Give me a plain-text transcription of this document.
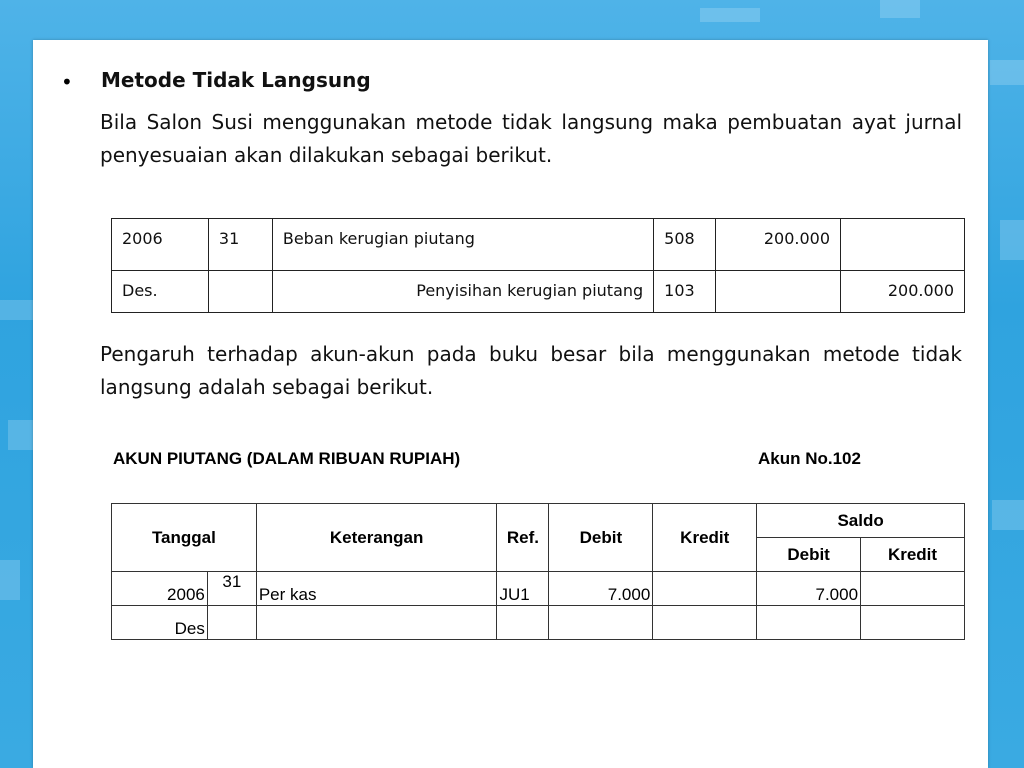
• Metode Tidak Langsung
Bila Salon Susi menggunakan metode tidak langsung maka pembuatan ayat jurnal penyesuaian akan dilakukan sebagai berikut.
2006	31	Beban kerugian piutang	508	200.000	
Des.		Penyisihan kerugian piutang	103		200.000
Pengaruh terhadap akun-akun pada buku besar bila menggunakan metode tidak langsung adalah sebagai berikut.
AKUN PIUTANG (DALAM RIBUAN RUPIAH)	Akun No.102
Tanggal		Keterangan	Ref.	Debit	Kredit	Saldo	
						Debit	Kredit
2006	31	Per kas	JU1	7.000		7.000	
Des							
